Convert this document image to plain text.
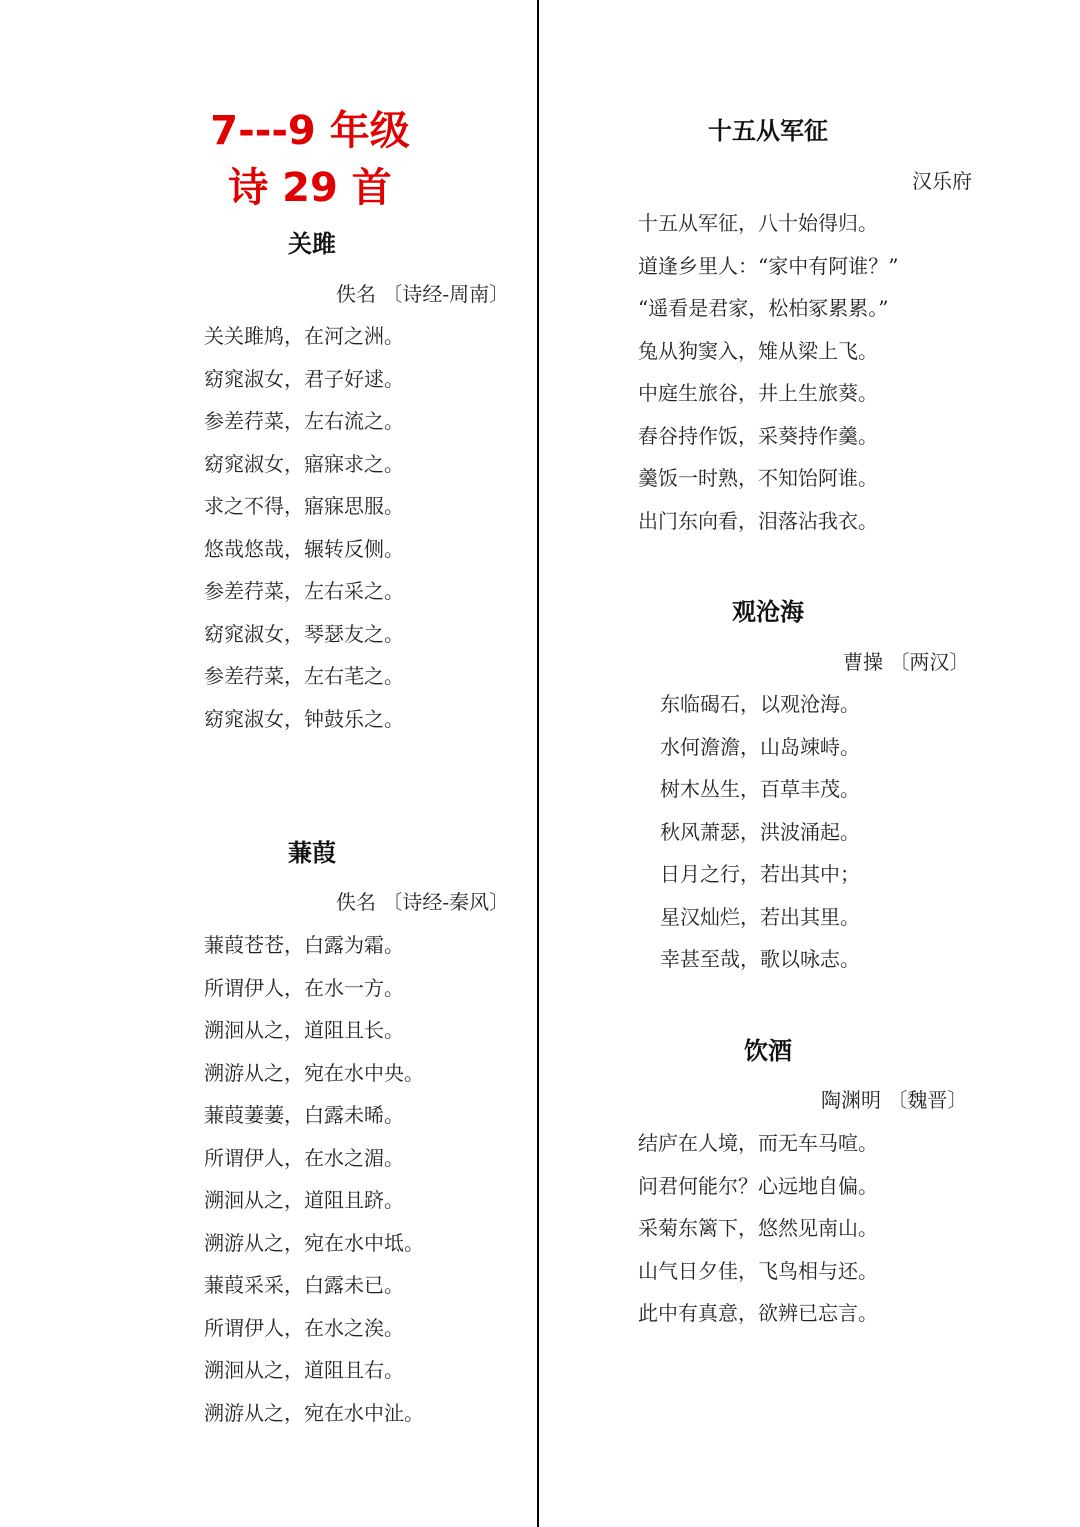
7---9 年级
诗 29 首
关雎
佚名 〔诗经-周南〕
关关雎鸠，在河之洲。
窈窕淑女，君子好逑。
参差荇菜，左右流之。
窈窕淑女，寤寐求之。
求之不得，寤寐思服。
悠哉悠哉，辗转反侧。
参差荇菜，左右采之。
窈窕淑女，琴瑟友之。
参差荇菜，左右芼之。
窈窕淑女，钟鼓乐之。
蒹葭
佚名 〔诗经-秦风〕
蒹葭苍苍，白露为霜。
所谓伊人，在水一方。
溯洄从之，道阻且长。
溯游从之，宛在水中央。
蒹葭萋萋，白露未晞。
所谓伊人，在水之湄。
溯洄从之，道阻且跻。
溯游从之，宛在水中坻。
蒹葭采采，白露未已。
所谓伊人，在水之涘。
溯洄从之，道阻且右。
溯游从之，宛在水中沚。
十五从军征
汉乐府
十五从军征，八十始得归。
道逢乡里人：“家中有阿谁？”
“遥看是君家，松柏冢累累。”
兔从狗窦入，雉从梁上飞。
中庭生旅谷，井上生旅葵。
舂谷持作饭，采葵持作羹。
羹饭一时熟，不知饴阿谁。
出门东向看，泪落沾我衣。
观沧海
曹操 〔两汉〕
东临碣石，以观沧海。
水何澹澹，山岛竦峙。
树木丛生，百草丰茂。
秋风萧瑟，洪波涌起。
日月之行，若出其中；
星汉灿烂，若出其里。
幸甚至哉，歌以咏志。
饮酒
陶渊明 〔魏晋〕
结庐在人境，而无车马喧。
问君何能尔？心远地自偏。
采菊东篱下，悠然见南山。
山气日夕佳，飞鸟相与还。
此中有真意，欲辨已忘言。
